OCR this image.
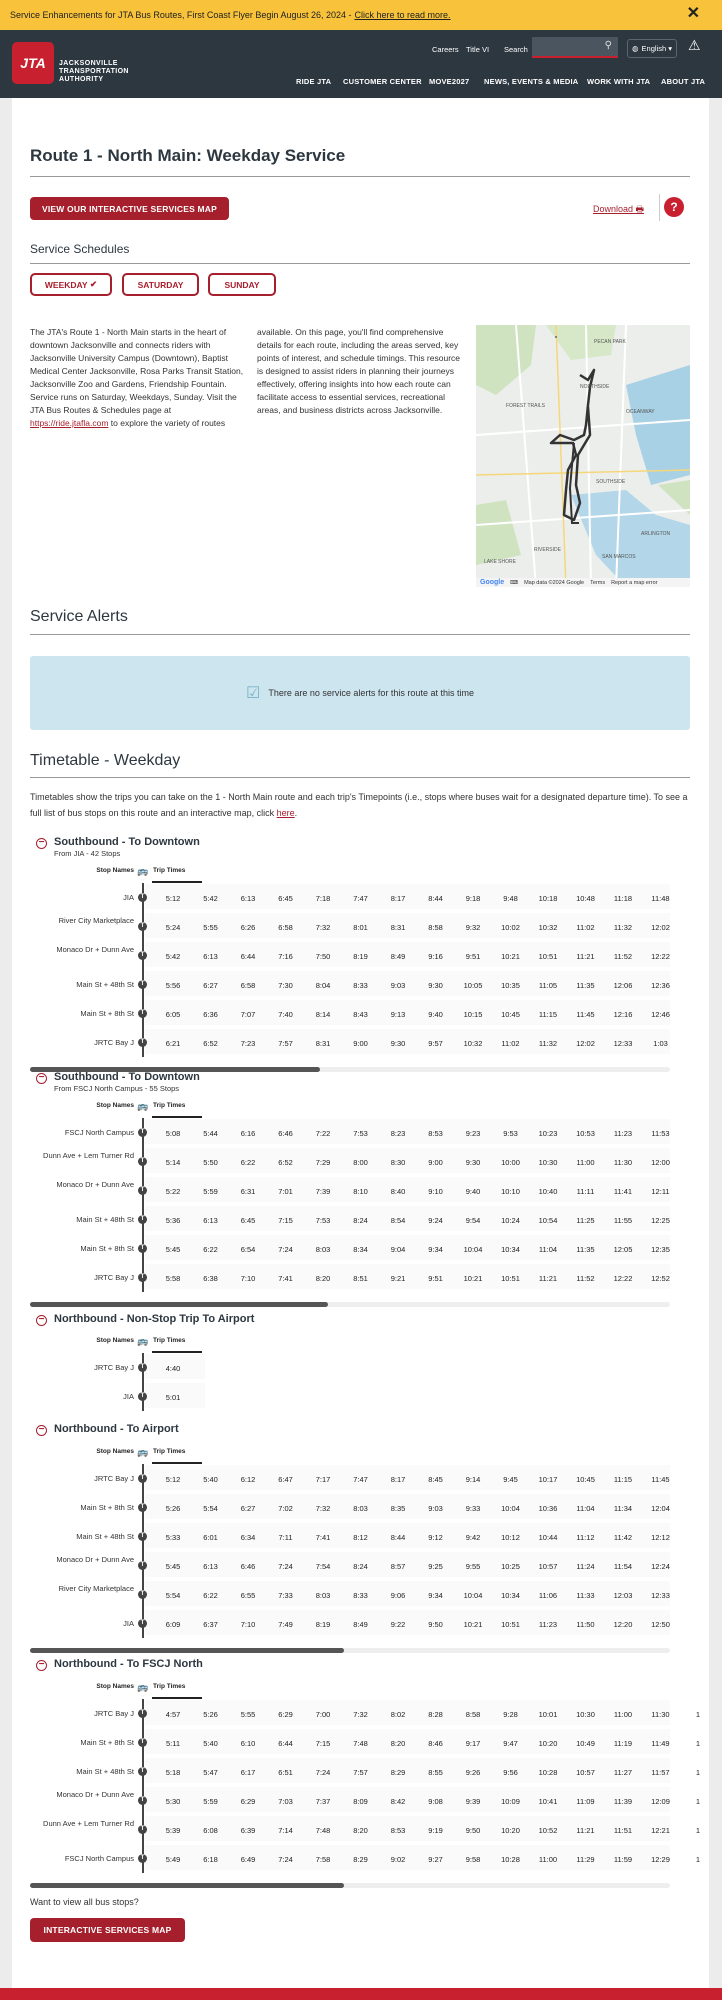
Service Enhancements for JTA Bus Routes, First Coast Flyer Begin August 26, 2024 - Click here to read more.	✕
JTA JACKSONVILLE
TRANSPORTATION
AUTHORITY
Careers Title VI Search	⚲	◍ English ▾ ⚠
RIDE JTA CUSTOMER CENTER MOVE2027 NEWS, EVENTS & MEDIA WORK WITH JTA ABOUT JTA
Route 1 - North Main: Weekday Service
VIEW OUR INTERACTIVE SERVICES MAP	Download 🖶	?
Service Schedules
WEEKDAY
✔	SATURDAY	SUNDAY
The JTA's Route 1 - North Main starts in the heart of downtown Jacksonville and connects riders with Jacksonville University Campus (Downtown), Baptist Medical Center Jacksonville, Rosa Parks Transit Station, Jacksonville Zoo and Gardens, Friendship Fountain. Service runs on Saturday, Weekdays, Sunday. Visit the JTA Bus Routes & Schedules page at https://ride.jtafla.com to explore the variety of routes
available. On this page, you'll find comprehensive details for each route, including the areas served, key points of interest, and schedule timings. This resource is designed to assist riders in planning their journeys effectively, offering insights into how each route can facilitate access to essential services, recreational areas, and business districts across Jacksonville.
PECAN PARK
FOREST TRAILS
OCEANWAY
NORTHSIDE
SOUTHSIDE
RIVERSIDE
SAN MARCOS
ARLINGTON
LAKE SHORE
Google ⌨ Map data ©2024 Google Terms Report a map error
Service Alerts
☑ There are no service alerts for this route at this time
Timetable - Weekday
Timetables show the trips you can take on the 1 - North Main route and each trip's Timepoints (i.e., stops where buses wait for a designated departure time). To see a full list of bus stops on this route and an interactive map, click here.
− Southbound - To Downtown
From JIA - 42 Stops
Stop Names 🚌 Trip Times
JIA	T	5:12	5:42	6:13	6:45	7:18	7:47	8:17	8:44	9:18	9:48	10:18	10:48	11:18	11:48
River City Marketplace
T	5:24	5:55	6:26	6:58	7:32	8:01	8:31	8:58	9:32	10:02	10:32	11:02	11:32	12:02
Monaco Dr + Dunn Ave
T	5:42	6:13	6:44	7:16	7:50	8:19	8:49	9:16	9:51	10:21	10:51	11:21	11:52	12:22
Main St + 48th St	T	5:56	6:27	6:58	7:30	8:04	8:33	9:03	9:30	10:05	10:35	11:05	11:35	12:06	12:36
Main St + 8th St	T	6:05	6:36	7:07	7:40	8:14	8:43	9:13	9:40	10:15	10:45	11:15	11:45	12:16	12:46
JRTC Bay J	T	6:21	6:52	7:23	7:57	8:31	9:00	9:30	9:57	10:32	11:02	11:32	12:02	12:33	1:03
− Southbound - To Downtown
From FSCJ North Campus - 55 Stops
Stop Names 🚌 Trip Times
FSCJ North Campus	T	5:08	5:44	6:16	6:46	7:22	7:53	8:23	8:53	9:23	9:53	10:23	10:53	11:23	11:53
Dunn Ave + Lem Turner Rd
T	5:14	5:50	6:22	6:52	7:29	8:00	8:30	9:00	9:30	10:00	10:30	11:00	11:30	12:00
Monaco Dr + Dunn Ave
T	5:22	5:59	6:31	7:01	7:39	8:10	8:40	9:10	9:40	10:10	10:40	11:11	11:41	12:11
Main St + 48th St	T	5:36	6:13	6:45	7:15	7:53	8:24	8:54	9:24	9:54	10:24	10:54	11:25	11:55	12:25
Main St + 8th St	T	5:45	6:22	6:54	7:24	8:03	8:34	9:04	9:34	10:04	10:34	11:04	11:35	12:05	12:35
JRTC Bay J	T	5:58	6:38	7:10	7:41	8:20	8:51	9:21	9:51	10:21	10:51	11:21	11:52	12:22	12:52
− Northbound - Non-Stop Trip To Airport
Stop Names 🚌 Trip Times
JRTC Bay J	T	4:40
JIA	T	5:01
− Northbound - To Airport
Stop Names 🚌 Trip Times
JRTC Bay J	T	5:12	5:40	6:12	6:47	7:17	7:47	8:17	8:45	9:14	9:45	10:17	10:45	11:15	11:45
Main St + 8th St	T	5:26	5:54	6:27	7:02	7:32	8:03	8:35	9:03	9:33	10:04	10:36	11:04	11:34	12:04
Main St + 48th St	T	5:33	6:01	6:34	7:11	7:41	8:12	8:44	9:12	9:42	10:12	10:44	11:12	11:42	12:12
Monaco Dr + Dunn Ave
T	5:45	6:13	6:46	7:24	7:54	8:24	8:57	9:25	9:55	10:25	10:57	11:24	11:54	12:24
River City Marketplace
T	5:54	6:22	6:55	7:33	8:03	8:33	9:06	9:34	10:04	10:34	11:06	11:33	12:03	12:33
JIA	T	6:09	6:37	7:10	7:49	8:19	8:49	9:22	9:50	10:21	10:51	11:23	11:50	12:20	12:50
− Northbound - To FSCJ North
Stop Names 🚌 Trip Times
JRTC Bay J	T	4:57	5:26	5:55	6:29	7:00	7:32	8:02	8:28	8:58	9:28	10:01	10:30	11:00	11:30	1
Main St + 8th St	T	5:11	5:40	6:10	6:44	7:15	7:48	8:20	8:46	9:17	9:47	10:20	10:49	11:19	11:49	1
Main St + 48th St	T	5:18	5:47	6:17	6:51	7:24	7:57	8:29	8:55	9:26	9:56	10:28	10:57	11:27	11:57	1
Monaco Dr + Dunn Ave
T	5:30	5:59	6:29	7:03	7:37	8:09	8:42	9:08	9:39	10:09	10:41	11:09	11:39	12:09	1
Dunn Ave + Lem Turner Rd
T	5:39	6:08	6:39	7:14	7:48	8:20	8:53	9:19	9:50	10:20	10:52	11:21	11:51	12:21	1
FSCJ North Campus	T	5:49	6:18	6:49	7:24	7:58	8:29	9:02	9:27	9:58	10:28	11:00	11:29	11:59	12:29	1
Want to view all bus stops?
INTERACTIVE SERVICES MAP
